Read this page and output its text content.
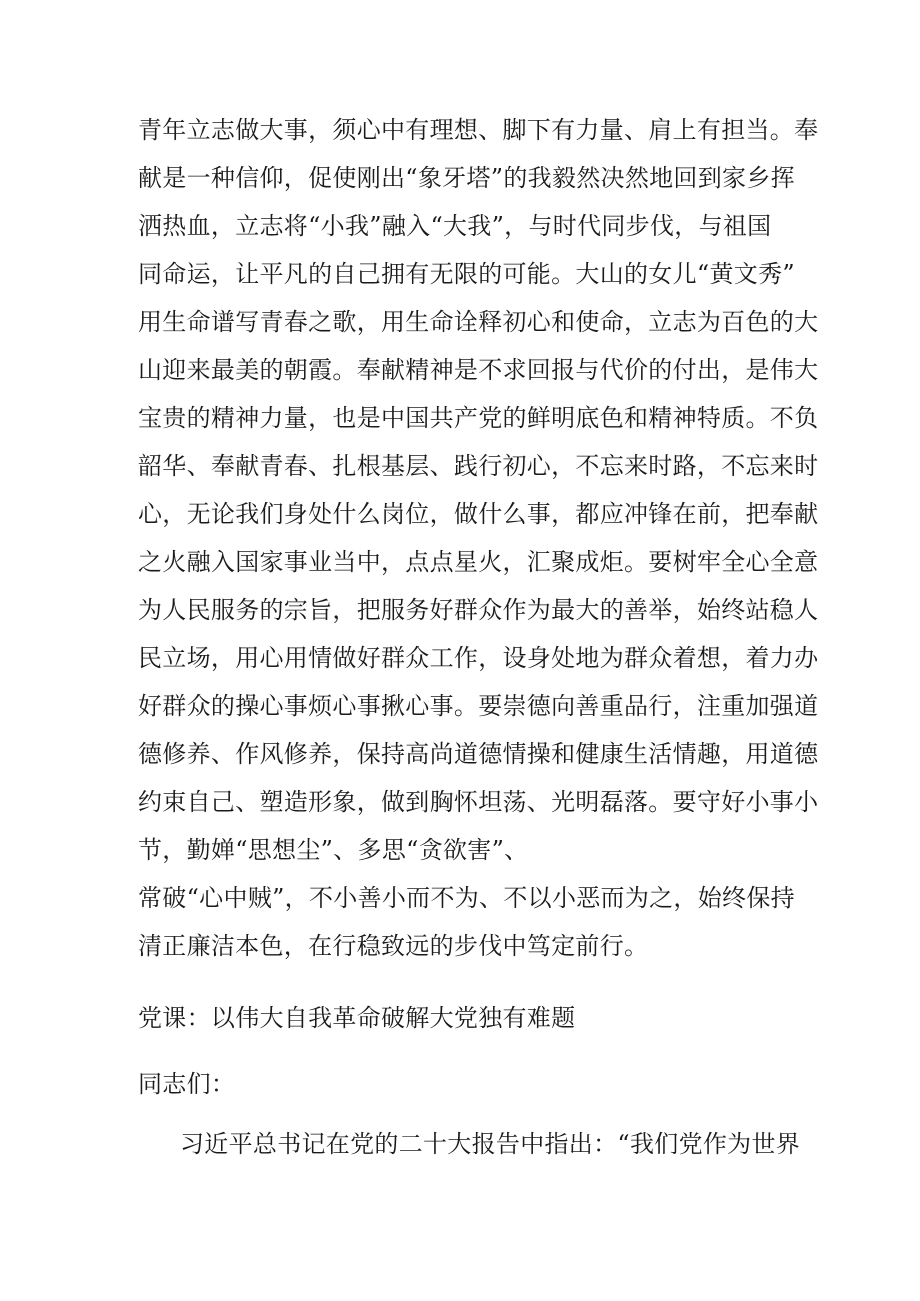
青年立志做大事，须心中有理想、脚下有力量、肩上有担当。奉
献是一种信仰，促使刚出“象牙塔”的我毅然决然地回到家乡挥
洒热血，立志将“小我”融入“大我”，与时代同步伐，与祖国
同命运，让平凡的自己拥有无限的可能。大山的女儿“黄文秀”
用生命谱写青春之歌，用生命诠释初心和使命，立志为百色的大
山迎来最美的朝霞。奉献精神是不求回报与代价的付出，是伟大
宝贵的精神力量，也是中国共产党的鲜明底色和精神特质。不负
韶华、奉献青春、扎根基层、践行初心，不忘来时路，不忘来时
心，无论我们身处什么岗位，做什么事，都应冲锋在前，把奉献
之火融入国家事业当中，点点星火，汇聚成炬。要树牢全心全意
为人民服务的宗旨，把服务好群众作为最大的善举，始终站稳人
民立场，用心用情做好群众工作，设身处地为群众着想，着力办
好群众的操心事烦心事揪心事。要崇德向善重品行，注重加强道
德修养、作风修养，保持高尚道德情操和健康生活情趣，用道德
约束自己、塑造形象，做到胸怀坦荡、光明磊落。要守好小事小
节，勤婵“思想尘”、多思“贪欲害”、
常破“心中贼”，不小善小而不为、不以小恶而为之，始终保持
清正廉洁本色，在行稳致远的步伐中笃定前行。
党课：以伟大自我革命破解大党独有难题
同志们：
习近平总书记在党的二十大报告中指出：“我们党作为世界
